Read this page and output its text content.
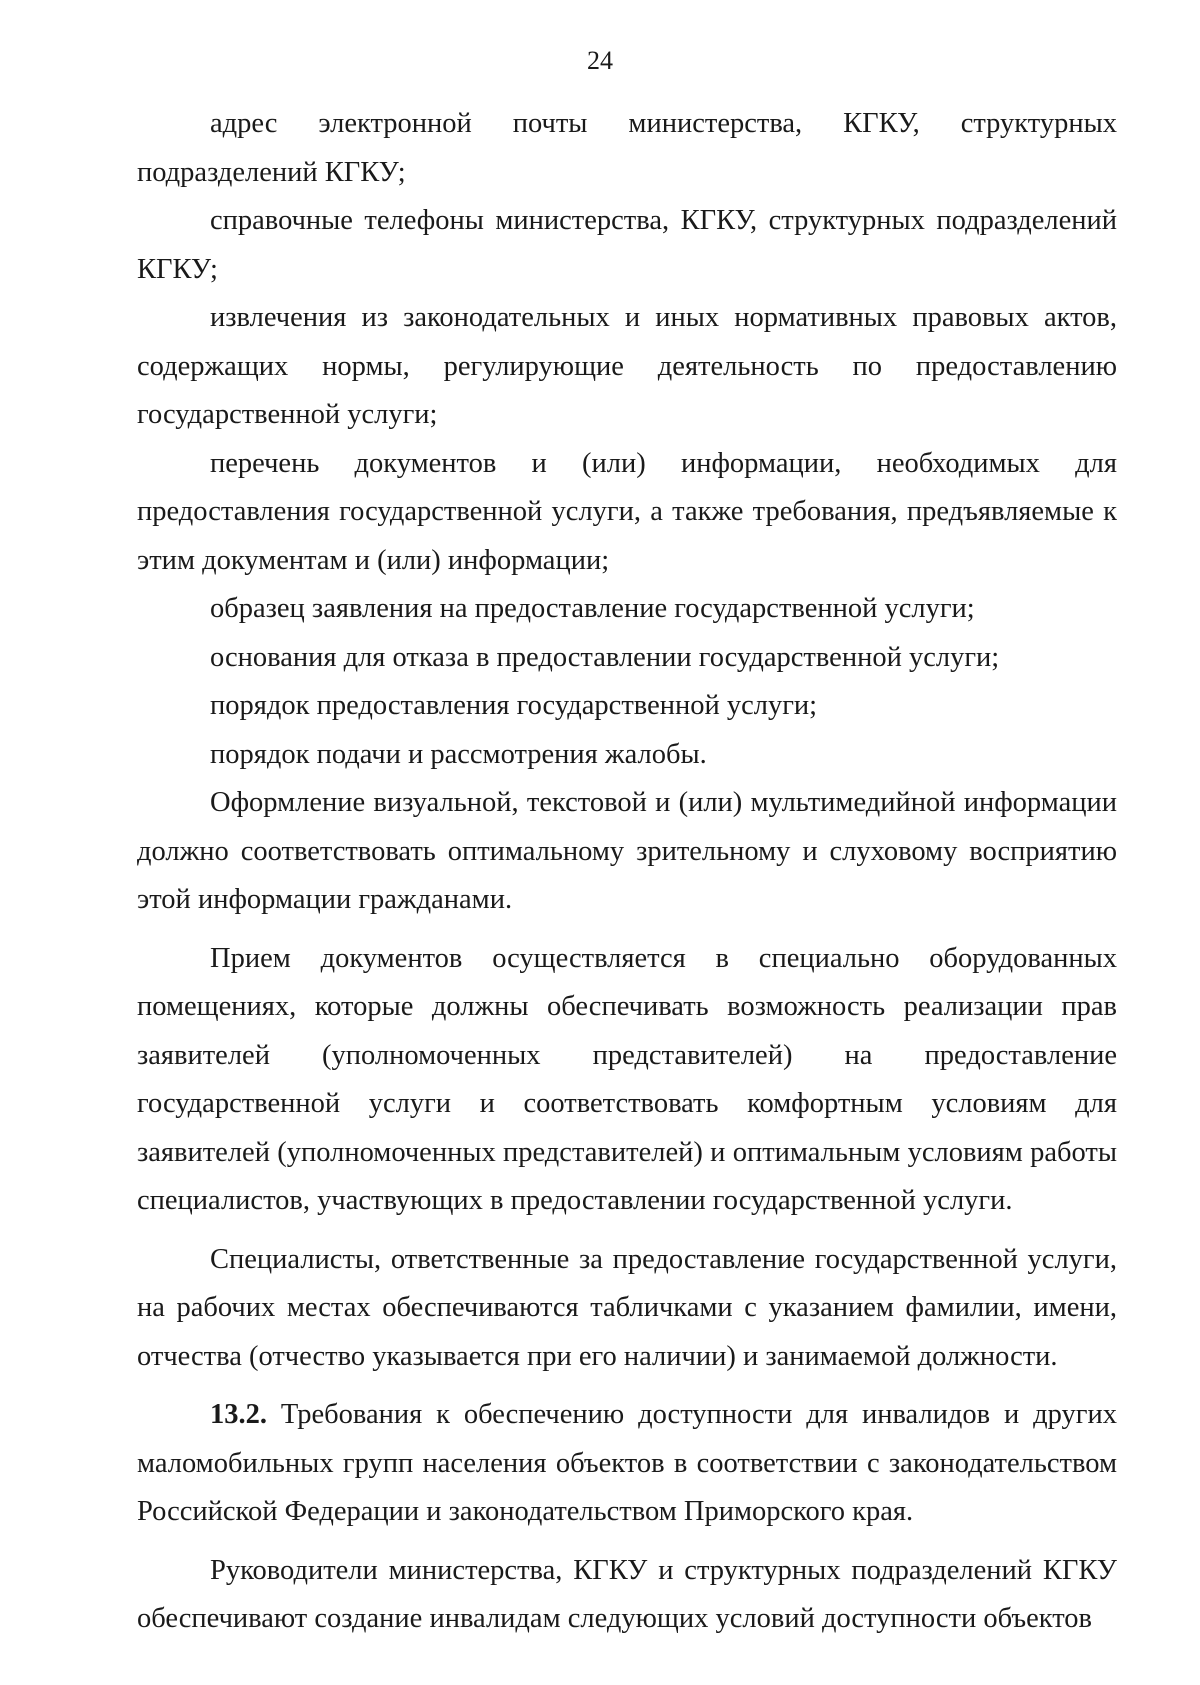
24

адрес электронной почты министерства, КГКУ, структурных подразделений КГКУ;

справочные телефоны министерства, КГКУ, структурных подразделений КГКУ;

извлечения из законодательных и иных нормативных правовых актов, содержащих нормы, регулирующие деятельность по предоставлению государственной услуги;

перечень документов и (или) информации, необходимых для предоставления государственной услуги, а также требования, предъявляемые к этим документам и (или) информации;

образец заявления на предоставление государственной услуги;

основания для отказа в предоставлении государственной услуги;

порядок предоставления государственной услуги;

порядок подачи и рассмотрения жалобы.

Оформление визуальной, текстовой и (или) мультимедийной информации должно соответствовать оптимальному зрительному и слуховому восприятию этой информации гражданами.

Прием документов осуществляется в специально оборудованных помещениях, которые должны обеспечивать возможность реализации прав заявителей (уполномоченных представителей) на предоставление государственной услуги и соответствовать комфортным условиям для заявителей (уполномоченных представителей) и оптимальным условиям работы специалистов, участвующих в предоставлении государственной услуги.

Специалисты, ответственные за предоставление государственной услуги, на рабочих местах обеспечиваются табличками с указанием фамилии, имени, отчества (отчество указывается при его наличии) и занимаемой должности.

13.2. Требования к обеспечению доступности для инвалидов и других маломобильных групп населения объектов в соответствии с законодательством Российской Федерации и законодательством Приморского края.

Руководители министерства, КГКУ и структурных подразделений КГКУ обеспечивают создание инвалидам следующих условий доступности объектов
